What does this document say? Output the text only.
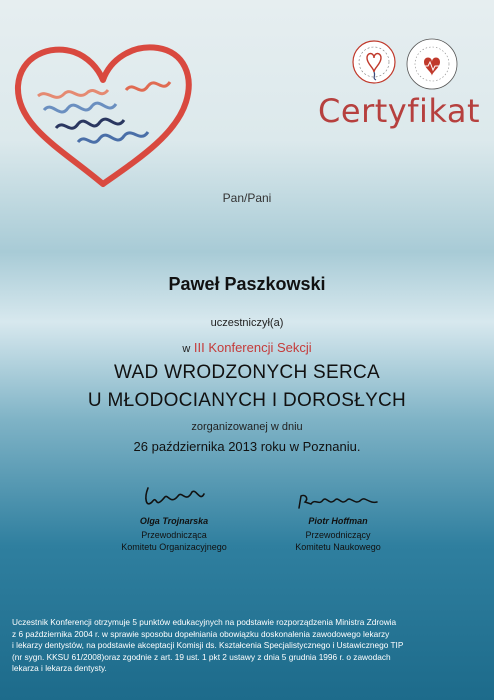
Certyfikat
Pan/Pani
Paweł Paszkowski
uczestniczył(a)
w III Konferencji Sekcji
WAD WRODZONYCH SERCA
U MŁODOCIANYCH I DOROSŁYCH
zorganizowanej w dniu
26 października 2013 roku w Poznaniu.
Olga Trojnarska
Przewodnicząca
Komitetu Organizacyjnego
Piotr Hoffman
Przewodniczący
Komitetu Naukowego

Uczestnik Konferencji otrzymuje 5 punktów edukacyjnych na podstawie rozporządzenia Ministra Zdrowia

z 6 października 2004 r. w sprawie sposobu dopełniania obowiązku doskonalenia zawodowego lekarzy

i lekarzy dentystów, na podstawie akceptacji Komisji ds. Kształcenia Specjalistycznego i Ustawicznego TIP

(nr sygn. KKSU 61/2008)oraz zgodnie z art. 19 ust. 1 pkt 2 ustawy z dnia 5 grudnia 1996 r. o zawodach

lekarza i lekarza dentysty.
